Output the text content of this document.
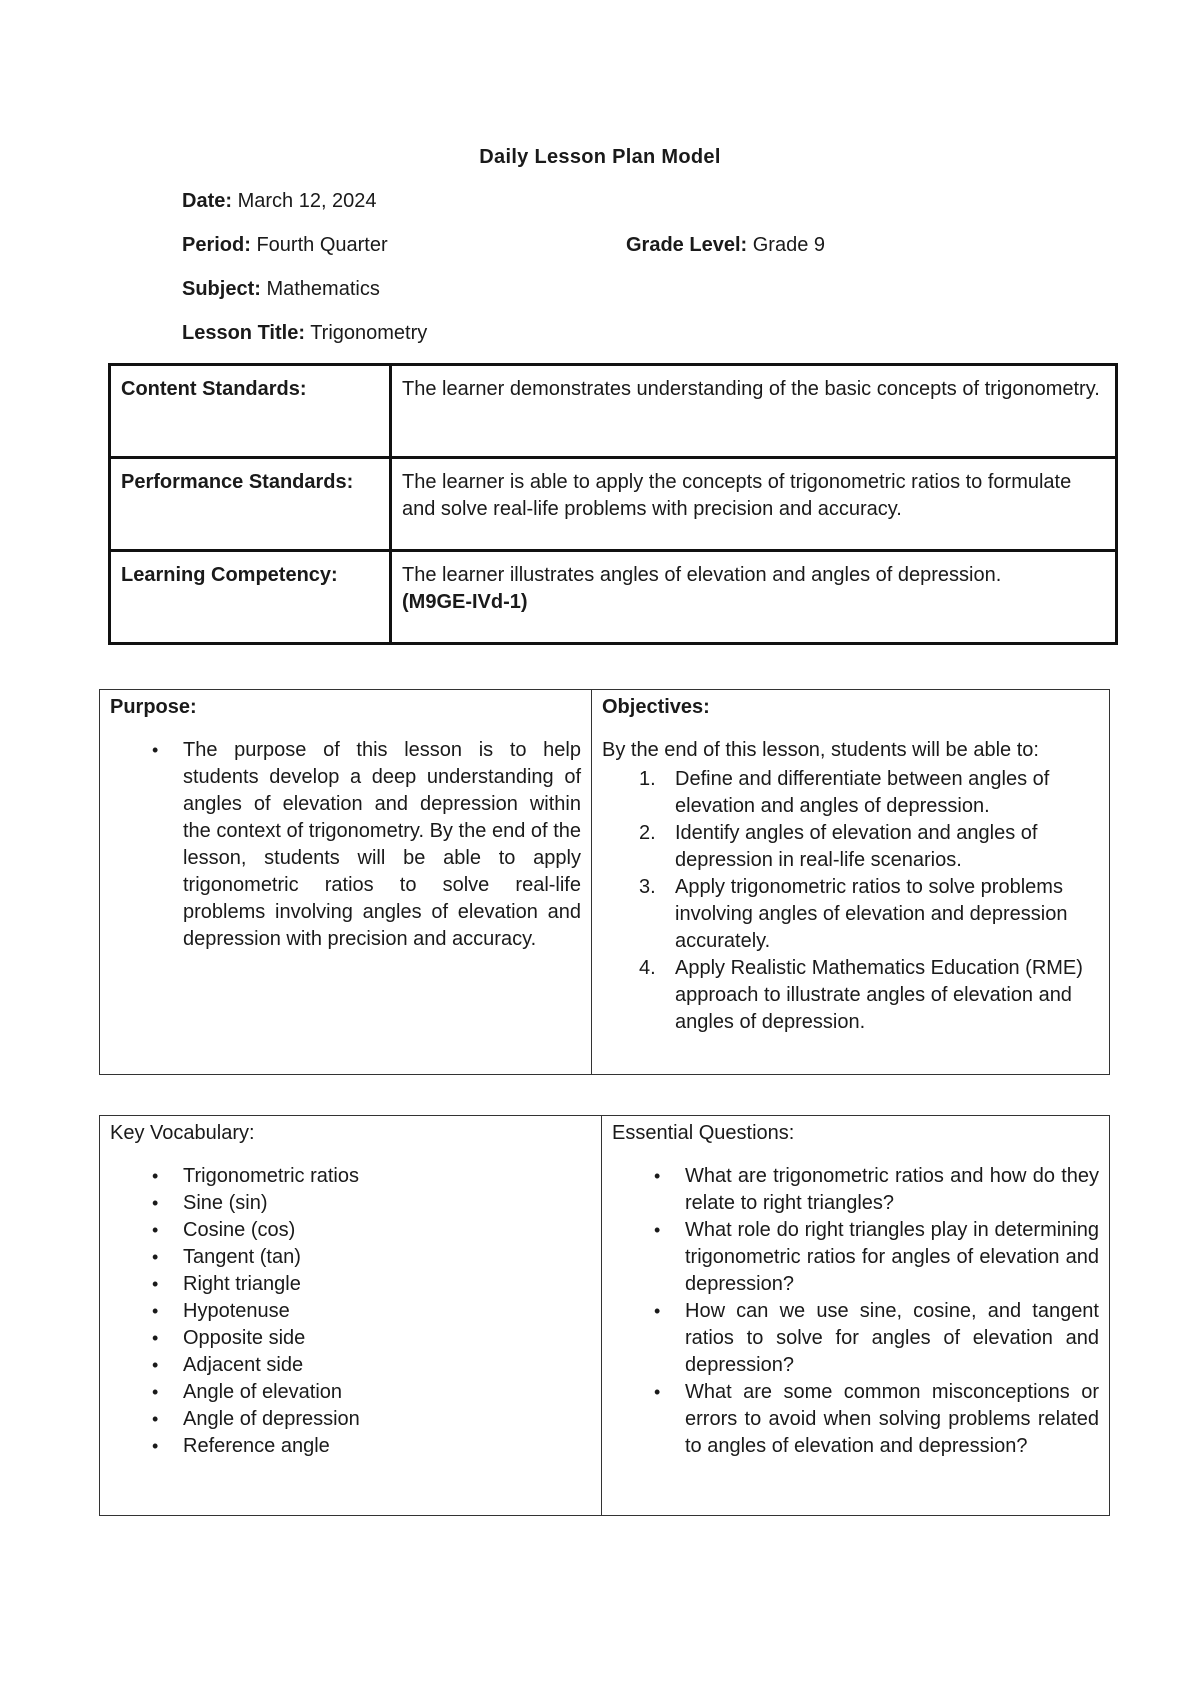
Daily Lesson Plan Model
Date: March 12, 2024
Period: Fourth Quarter	Grade Level: Grade 9
Subject: Mathematics
Lesson Title: Trigonometry
Content Standards:	The learner demonstrates understanding of the basic concepts of trigonometry.
Performance Standards:	The learner is able to apply the concepts of trigonometric ratios to formulate and solve real-life problems with precision and accuracy.
Learning Competency:	The learner illustrates angles of elevation and angles of depression.
(M9GE-IVd-1)
Purpose:
• The purpose of this lesson is to help students develop a deep understanding of angles of elevation and depression within the context of trigonometry. By the end of the lesson, students will be able to apply trigonometric ratios to solve real-life problems involving angles of elevation and depression with precision and accuracy.

Objectives:
By the end of this lesson, students will be able to:
1. Define and differentiate between angles of elevation and angles of depression.
2. Identify angles of elevation and angles of depression in real-life scenarios.
3. Apply trigonometric ratios to solve problems involving angles of elevation and depression accurately.
4. Apply Realistic Mathematics Education (RME) approach to illustrate angles of elevation and angles of depression.
Key Vocabulary:
• Trigonometric ratios
• Sine (sin)
• Cosine (cos)
• Tangent (tan)
• Right triangle
• Hypotenuse
• Opposite side
• Adjacent side
• Angle of elevation
• Angle of depression
• Reference angle

Essential Questions:
• What are trigonometric ratios and how do they relate to right triangles?
• What role do right triangles play in determining trigonometric ratios for angles of elevation and depression?
• How can we use sine, cosine, and tangent ratios to solve for angles of elevation and depression?
• What are some common misconceptions or errors to avoid when solving problems related to angles of elevation and depression?
